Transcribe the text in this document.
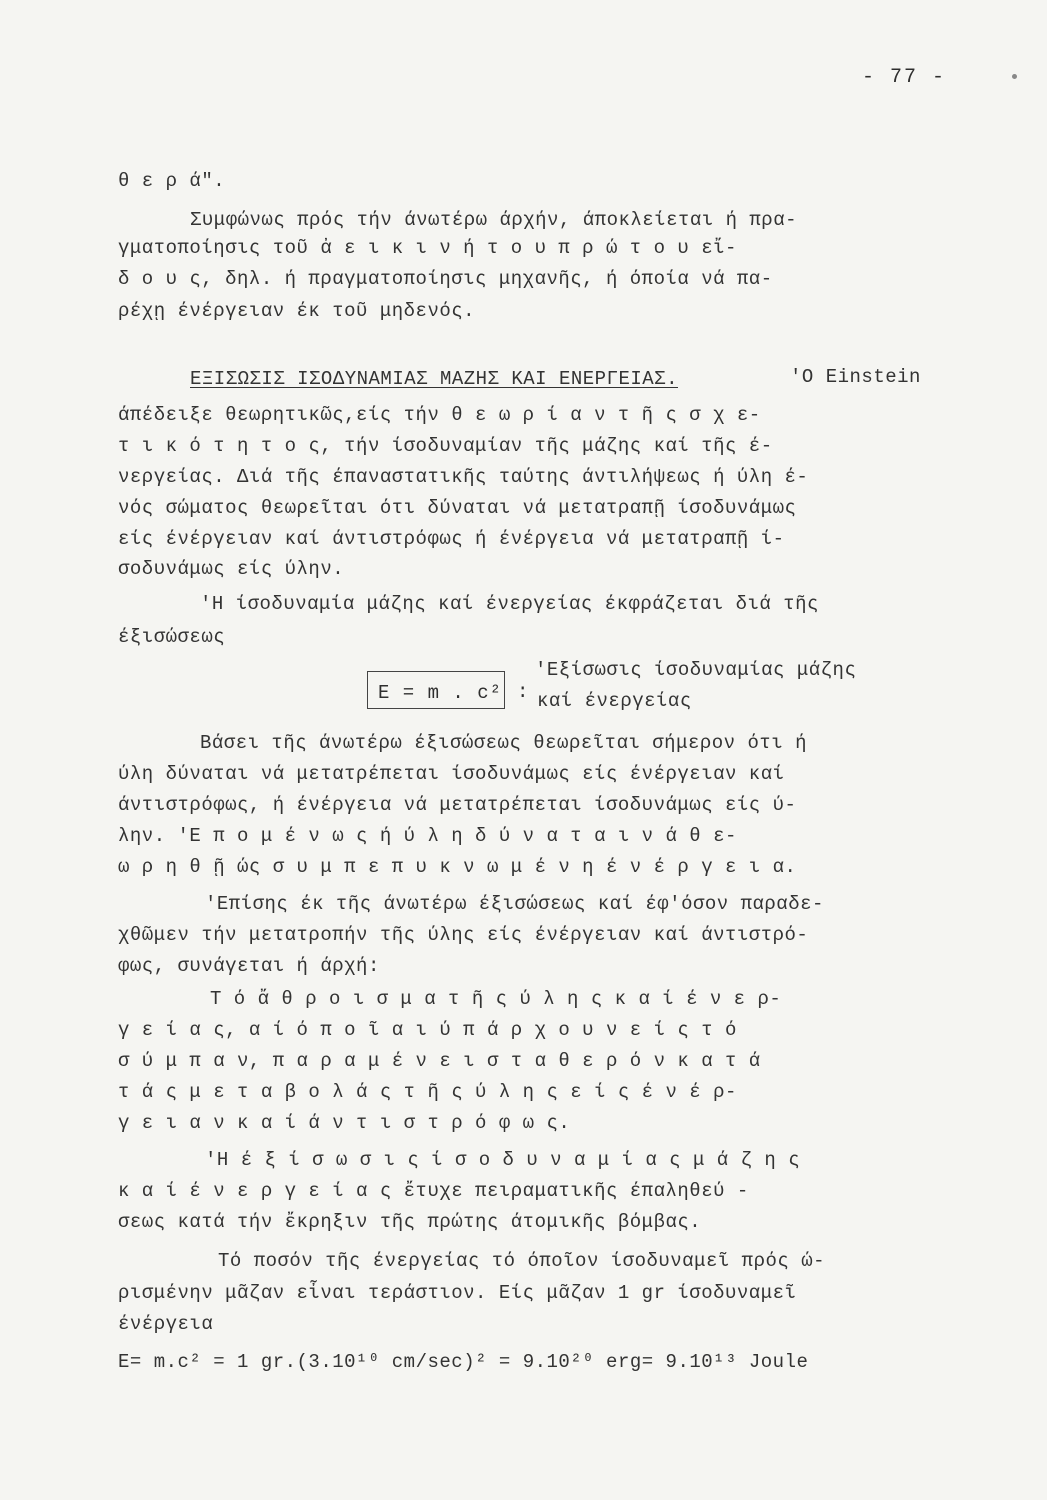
- 77 -
θ ε ρ ά".
Συμφώνως πρός τήν άνωτέρω άρχήν, άποκλείεται ή πρα-
γματοποίησις τοῦ ἀ ε ι κ ι ν ή τ ο υ π ρ ώ τ ο υ εἴ-
δ ο υ ς, δηλ. ή πραγματοποίησις μηχανῆς, ή όποία νά πα-
ρέχῃ ένέργειαν έκ τοῦ μηδενός.
ΕΞΙΣΩΣΙΣ ΙΣΟΔΥΝΑΜΙΑΣ ΜΑΖΗΣ ΚΑΙ ΕΝΕΡΓΕΙΑΣ.	'Ο Einstein
άπέδειξε θεωρητικῶς,είς τήν θ ε ω ρ ί α ν τ ῆ ς σ χ ε-
τ ι κ ό τ η τ ο ς, τήν ίσοδυναμίαν τῆς μάζης καί τῆς έ-
νεργείας. Διά τῆς έπαναστατικῆς ταύτης άντιλήψεως ή ύλη έ-
νός σώματος θεωρεῖται ότι δύναται νά μετατραπῇ ίσοδυνάμως
είς ένέργειαν καί άντιστρόφως ή ένέργεια νά μετατραπῇ ί-
σοδυνάμως είς ύλην.
'Η ίσοδυναμία μάζης καί ένεργείας έκφράζεται διά τῆς
έξισώσεως
E = m . c² :
'Εξίσωσις ίσοδυναμίας μάζης
καί ένεργείας
Βάσει τῆς άνωτέρω έξισώσεως θεωρεῖται σήμερον ότι ή
ύλη δύναται νά μετατρέπεται ίσοδυνάμως είς ένέργειαν καί
άντιστρόφως, ή ένέργεια νά μετατρέπεται ίσοδυνάμως είς ύ-
λην. 'Ε π ο μ έ ν ω ς ή ύ λ η δ ύ ν α τ α ι ν ά θ ε-
ω ρ η θ ῇ ώς σ υ μ π ε π υ κ ν ω μ έ ν η έ ν έ ρ γ ε ι α.
'Επίσης έκ τῆς άνωτέρω έξισώσεως καί έφ'όσον παραδε-
χθῶμεν τήν μετατροπήν τῆς ύλης είς ένέργειαν καί άντιστρό-
φως, συνάγεται ή άρχή:
Τ ό ἄ θ ρ ο ι σ μ α τ ῆ ς ύ λ η ς κ α ί έ ν ε ρ-
γ ε ί α ς, α ί ό π ο ῖ α ι ύ π ά ρ χ ο υ ν ε ί ς τ ό
σ ύ μ π α ν, π α ρ α μ έ ν ε ι σ τ α θ ε ρ ό ν κ α τ ά
τ ά ς μ ε τ α β ο λ ά ς τ ῆ ς ύ λ η ς ε ί ς έ ν έ ρ-
γ ε ι α ν κ α ί ά ν τ ι σ τ ρ ό φ ω ς.
'Η έ ξ ί σ ω σ ι ς ί σ ο δ υ ν α μ ί α ς μ ά ζ η ς
κ α ί έ ν ε ρ γ ε ί α ς ἔτυχε πειραματικῆς έπαληθεύ -
σεως κατά τήν ἔκρηξιν τῆς πρώτης άτομικῆς βόμβας.
Τό ποσόν τῆς ένεργείας τό όποῖον ίσοδυναμεῖ πρός ώ-
ρισμένην μᾶζαν εἶναι τεράστιον. Είς μᾶζαν 1 gr ίσοδυναμεῖ
ένέργεια
E= m.c² = 1 gr.(3.10¹⁰ cm/sec)² = 9.10²⁰ erg= 9.10¹³ Joule
